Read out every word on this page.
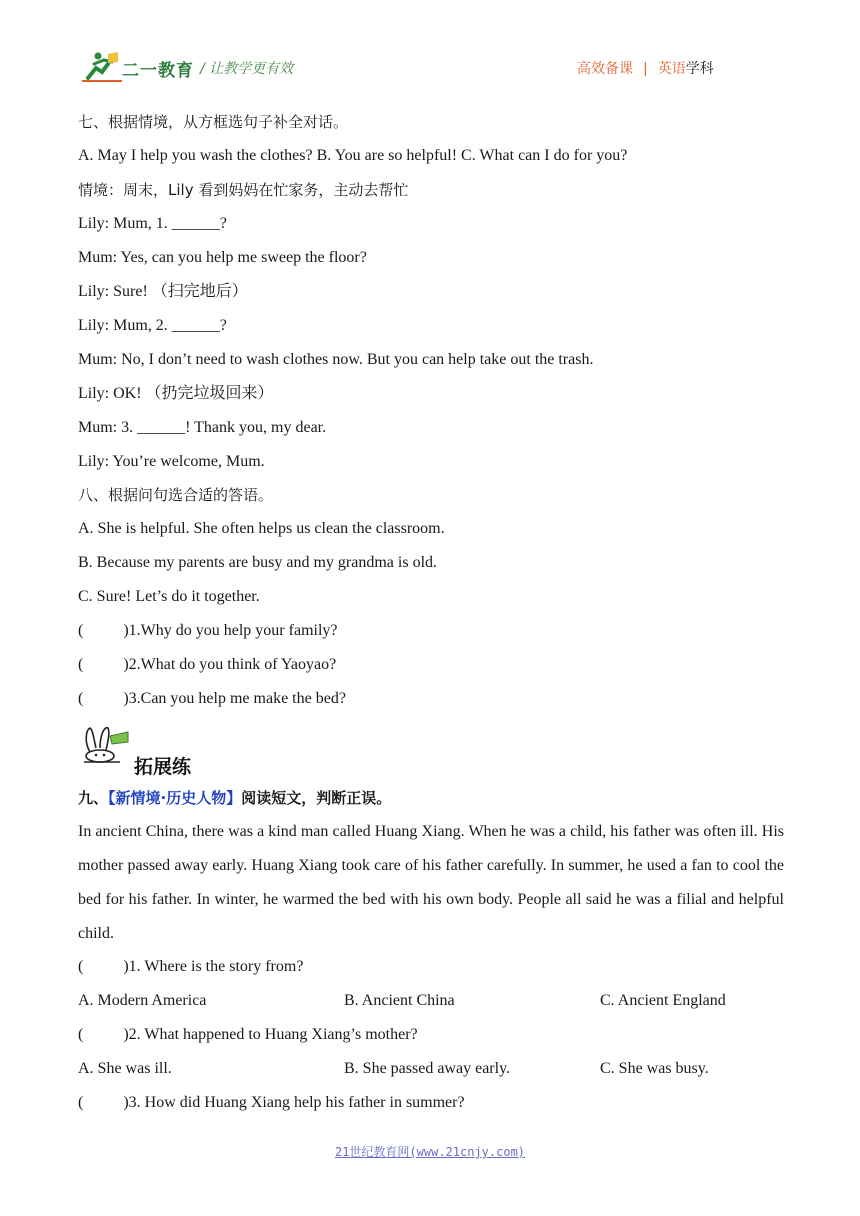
二一教育 / 让教学更有效	高效备课 | 英语学科
七、根据情境，从方框选句子补全对话。
A. May I help you wash the clothes? B. You are so helpful! C. What can I do for you?
情境：周末，Lily 看到妈妈在忙家务，主动去帮忙
Lily: Mum, 1. ______?
Mum: Yes, can you help me sweep the floor?
Lily: Sure! （扫完地后）
Lily: Mum, 2. ______?
Mum: No, I don’t need to wash clothes now. But you can help take out the trash.
Lily: OK! （扔完垃圾回来）
Mum: 3. ______! Thank you, my dear.
Lily: You’re welcome, Mum.
八、根据问句选合适的答语。
A. She is helpful. She often helps us clean the classroom.
B. Because my parents are busy and my grandma is old.
C. Sure! Let’s do it together.
(          )1.Why do you help your family?
(          )2.What do you think of Yaoyao?
(          )3.Can you help me make the bed?
拓展练
九、【新情境·历史人物】阅读短文，判断正误。
In ancient China, there was a kind man called Huang Xiang. When he was a child, his father was often ill. His mother passed away early. Huang Xiang took care of his father carefully. In summer, he used a fan to cool the bed for his father. In winter, he warmed the bed with his own body. People all said he was a filial and helpful child.
(          )1. Where is the story from?
A. Modern America	B. Ancient China	C. Ancient England
(          )2. What happened to Huang Xiang’s mother?
A. She was ill.	B. She passed away early.	C. She was busy.
(          )3. How did Huang Xiang help his father in summer?
21世纪教育网(www.21cnjy.com)
